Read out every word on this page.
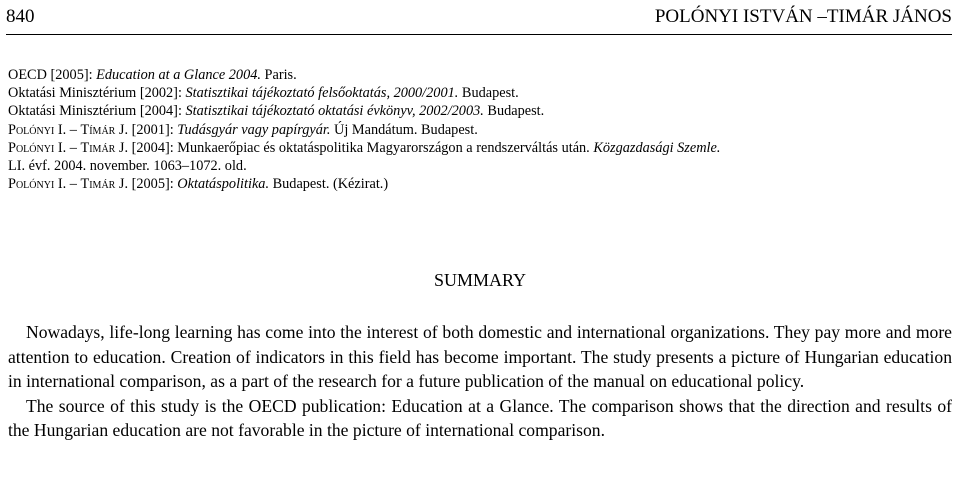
840	POLÓNYI ISTVÁN –TIMÁR JÁNOS
OECD [2005]: Education at a Glance 2004. Paris.
Oktatási Minisztérium [2002]: Statisztikai tájékoztató felsőoktatás, 2000/2001. Budapest.
Oktatási Minisztérium [2004]: Statisztikai tájékoztató oktatási évkönyv, 2002/2003. Budapest.
Polónyi I. – Tímár J. [2001]: Tudásgyár vagy papírgyár. Új Mandátum. Budapest.
Polónyi I. – Timár J. [2004]: Munkaerőpiac és oktatáspolitika Magyarországon a rendszerváltás után. Közgazdasági Szemle.
LI. évf. 2004. november. 1063–1072. old.
Polónyi I. – Timár J. [2005]: Oktatáspolitika. Budapest. (Kézirat.)
SUMMARY

Nowadays, life-long learning has come into the interest of both domestic and international organizations. They pay more and more attention to education. Creation of indicators in this field has become important. The study presents a picture of Hungarian education in international comparison, as a part of the research for a future publication of the manual on educational policy.

The source of this study is the OECD publication: Education at a Glance. The comparison shows that the direction and results of the Hungarian education are not favorable in the picture of international comparison.
